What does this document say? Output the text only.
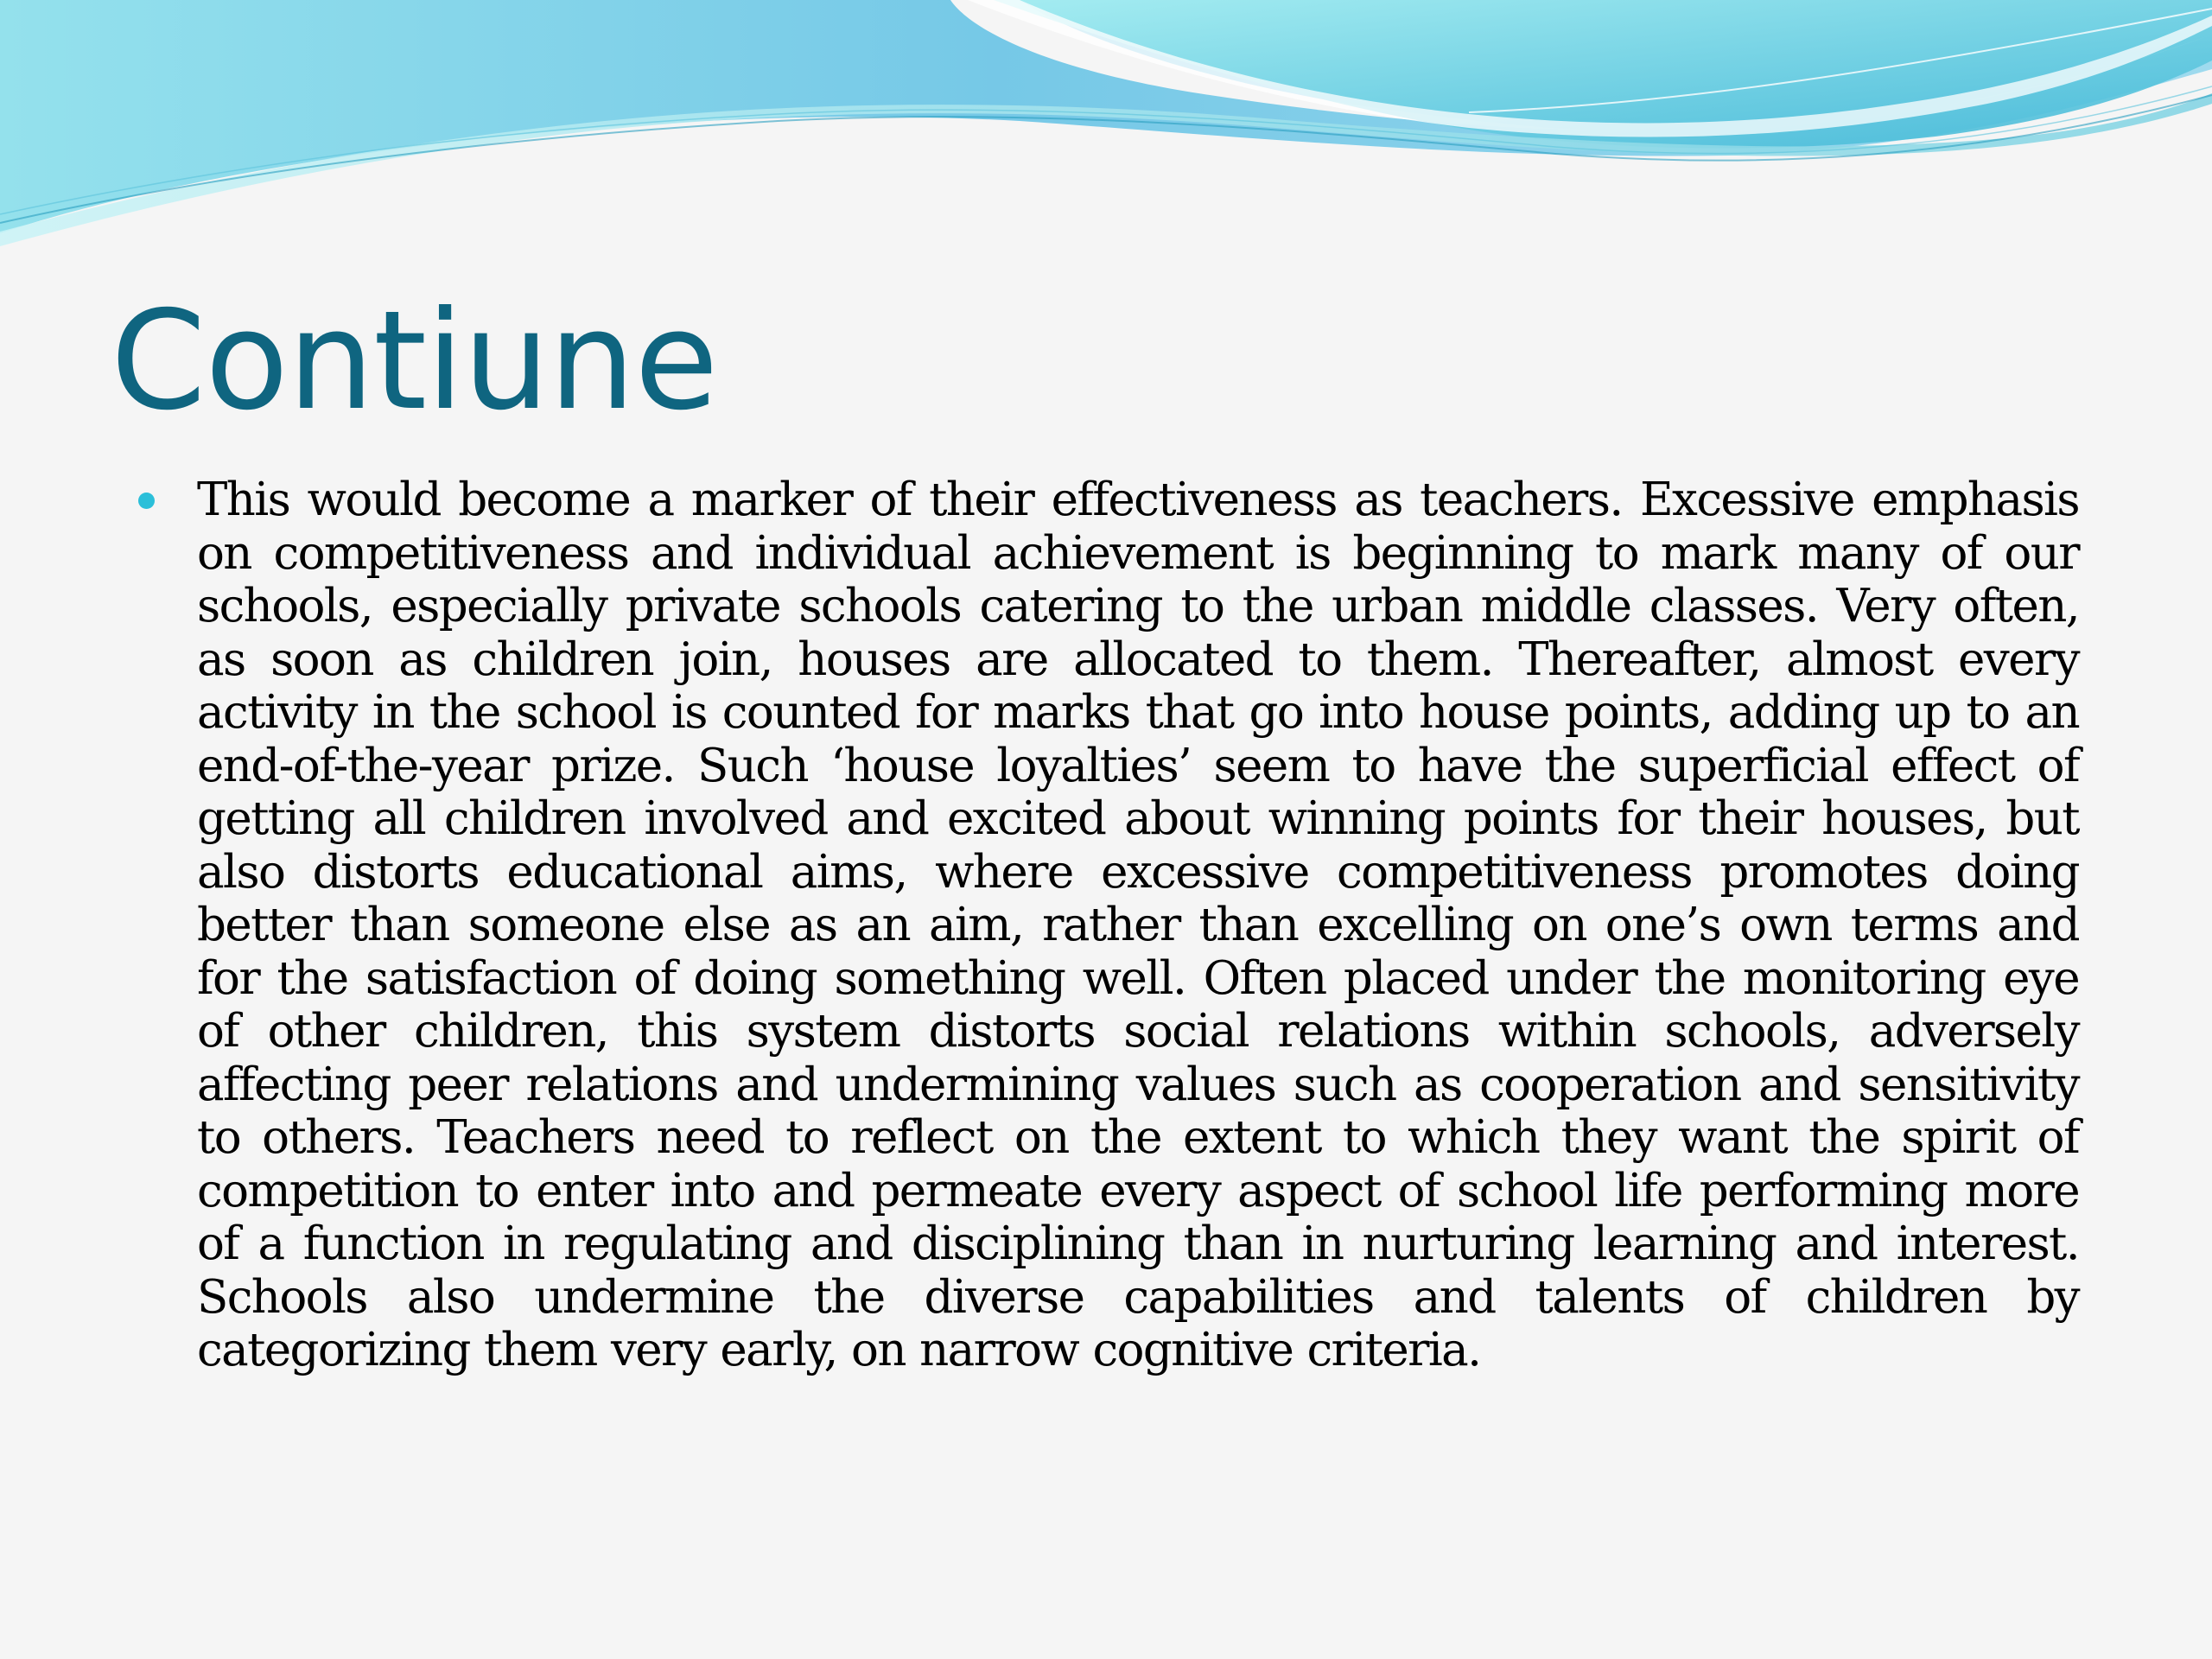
Contiune
This would become a marker of their effectiveness as teachers. Excessive emphasis on competitiveness and individual achievement is beginning to mark many of our schools, especially private schools catering to the urban middle classes. Very often, as soon as children join, houses are allocated to them. Thereafter, almost every activity in the school is counted for marks that go into house points, adding up to an end-of-the-year prize. Such ‘house loyalties’ seem to have the superficial effect of getting all children involved and excited about winning points for their houses, but also distorts educational aims, where excessive competitiveness promotes doing better than someone else as an aim, rather than excelling on one’s own terms and for the satisfaction of doing something well. Often placed under the monitoring eye of other children, this system distorts social relations within schools, adversely affecting peer relations and undermining values such as cooperation and sensitivity to others. Teachers need to reflect on the extent to which they want the spirit of competition to enter into and permeate every aspect of school life performing more of a function in regulating and disciplining than in nurturing learning and interest. Schools also undermine the diverse capabilities and talents of children by categorizing them very early, on narrow cognitive criteria.
